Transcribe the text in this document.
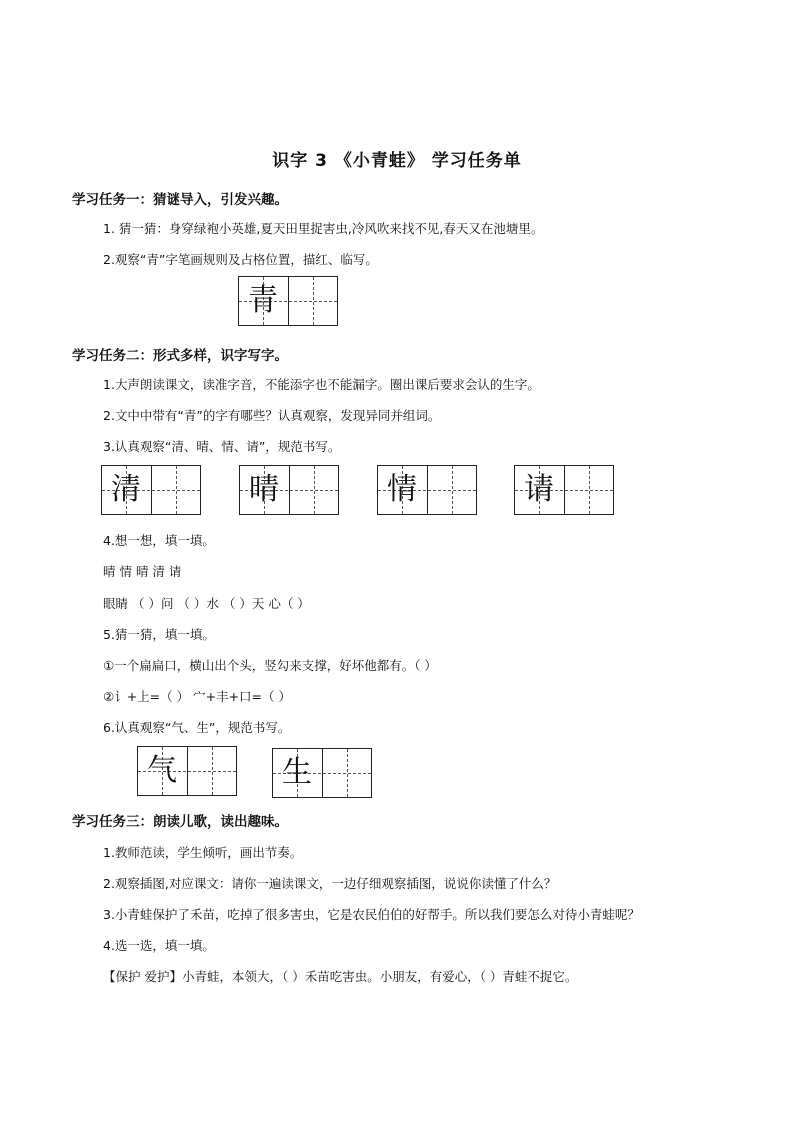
识字 3 《小青蛙》 学习任务单
学习任务一：猜谜导入，引发兴趣。
1. 猜一猜：身穿绿袍小英雄,夏天田里捉害虫,冷风吹来找不见,春天又在池塘里。
2.观察“青”字笔画规则及占格位置，描红、临写。
青
学习任务二：形式多样，识字写字。
1.大声朗读课文，读准字音，不能添字也不能漏字。圈出课后要求会认的生字。
2.文中中带有“青”的字有哪些？认真观察，发现异同并组词。
3.认真观察“清、晴、情、请”，规范书写。
清	晴	情	请
4.想一想，填一填。
晴 情 晴 清 请
眼睛 （ ）问 （ ）水 （ ）天 心（ ）
5.猜一猜，填一填。
①一个扁扁口，横山出个头，竖勾来支撑，好坏他都有。（ ）
②讠+上=（ ） 宀+丰+口=（ ）
6.认真观察“气、生”，规范书写。
气	生
学习任务三：朗读儿歌，读出趣味。
1.教师范读，学生倾听，画出节奏。
2.观察插图,对应课文：请你一遍读课文，一边仔细观察插图，说说你读懂了什么？
3.小青蛙保护了禾苗，吃掉了很多害虫，它是农民伯伯的好帮手。所以我们要怎么对待小青蛙呢？
4.选一选，填一填。
【保护 爱护】小青蛙，本领大，（ ）禾苗吃害虫。小朋友，有爱心，（ ）青蛙不捉它。
